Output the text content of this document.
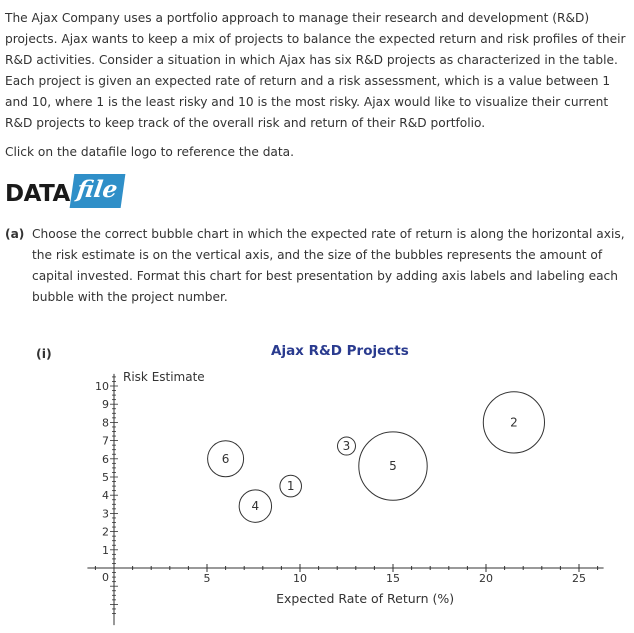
The Ajax Company uses a portfolio approach to manage their research and development (R&D) projects. Ajax wants to keep a mix of projects to balance the expected return and risk profiles of their R&D activities. Consider a situation in which Ajax has six R&D projects as characterized in the table. Each project is given an expected rate of return and a risk assessment, which is a value between 1 and 10, where 1 is the least risky and 10 is the most risky. Ajax would like to visualize their current R&D projects to keep track of the overall risk and return of their R&D portfolio.

Click on the datafile logo to reference the data.

DATA file
(a) Choose the correct bubble chart in which the expected rate of return is along the horizontal axis, the risk estimate is on the vertical axis, and the size of the bubbles represents the amount of capital invested. Format this chart for best presentation by adding axis labels and labeling each bubble with the project number.
(i)	Ajax R&D Projects
5	10	15	20	25
0
1
2
3
4
5
6
7
8
9
10
Risk Estimate
Expected Rate of Return (%)
1
2
3
4
5
6
